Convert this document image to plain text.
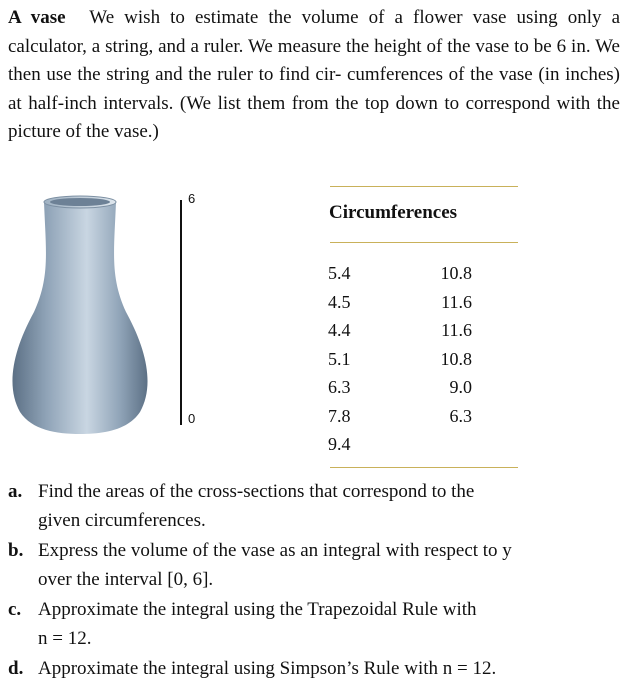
A vase We wish to estimate the volume of a flower vase using only a calculator, a string, and a ruler. We measure the height of the vase to be 6 in. We then use the string and the ruler to find cir- cumferences of the vase (in inches) at half-inch intervals. (We list them from the top down to correspond with the picture of the vase.)
6
0
Circumferences
5.4
4.5
4.4
5.1
6.3
7.8
9.4
10.8
11.6
11.6
10.8
9.0
6.3
a. Find the areas of the cross-sections that correspond to the
given circumferences.
b. Express the volume of the vase as an integral with respect to y
over the interval [0, 6].
c. Approximate the integral using the Trapezoidal Rule with
n = 12.
d. Approximate the integral using Simpson’s Rule with n = 12.
